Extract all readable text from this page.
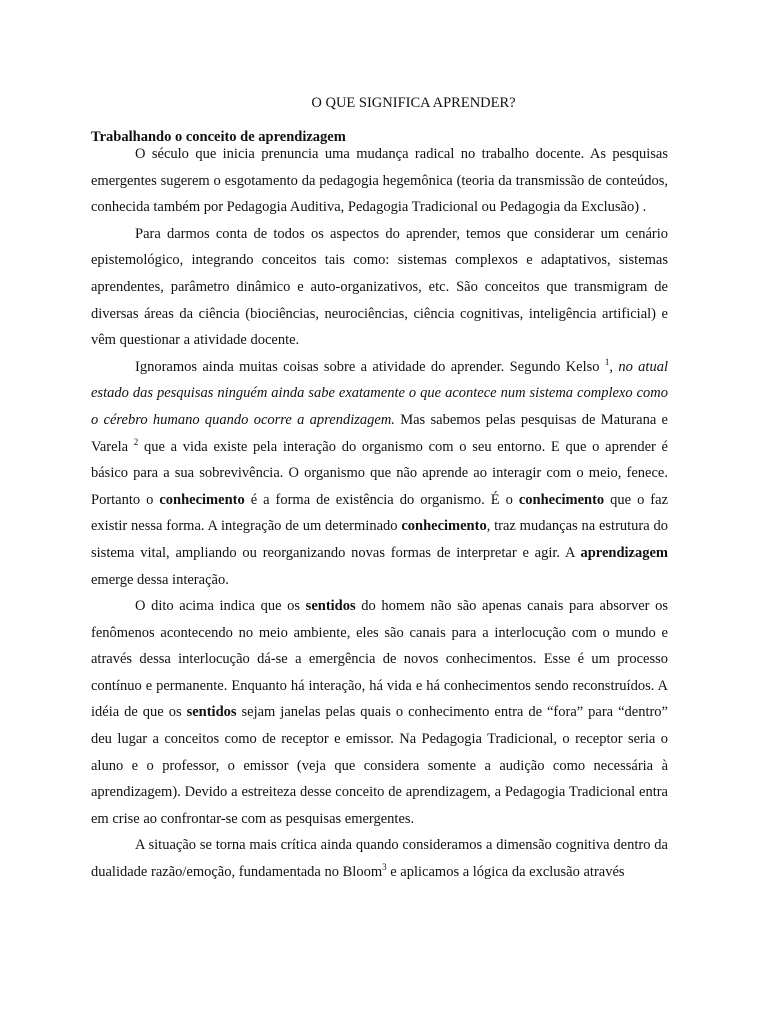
O QUE SIGNIFICA APRENDER?

Trabalhando o conceito de aprendizagem

O século que inicia prenuncia uma mudança radical no trabalho docente. As pesquisas emergentes sugerem o esgotamento da pedagogia hegemônica (teoria da transmissão de conteúdos, conhecida também por Pedagogia Auditiva, Pedagogia Tradicional ou Pedagogia da Exclusão) .

Para darmos conta de todos os aspectos do aprender, temos que considerar um cenário epistemológico, integrando conceitos tais como: sistemas complexos e adaptativos, sistemas aprendentes, parâmetro dinâmico e auto-organizativos, etc. São conceitos que transmigram de diversas áreas da ciência (biociências, neurociências, ciência cognitivas, inteligência artificial) e vêm questionar a atividade docente.

Ignoramos ainda muitas coisas sobre a atividade do aprender. Segundo Kelso $^1$, no atual estado das pesquisas ninguém ainda sabe exatamente o que acontece num sistema complexo como o cérebro humano quando ocorre a aprendizagem. Mas sabemos pelas pesquisas de Maturana e Varela $^2$ que a vida existe pela interação do organismo com o seu entorno. E que o aprender é básico para a sua sobrevivência. O organismo que não aprende ao interagir com o meio, fenece. Portanto o conhecimento é a forma de existência do organismo. É o conhecimento que o faz existir nessa forma. A integração de um determinado conhecimento, traz mudanças na estrutura do sistema vital, ampliando ou reorganizando novas formas de interpretar e agir. A aprendizagem emerge dessa interação.

O dito acima indica que os sentidos do homem não são apenas canais para absorver os fenômenos acontecendo no meio ambiente, eles são canais para a interlocução com o mundo e através dessa interlocução dá-se a emergência de novos conhecimentos. Esse é um processo contínuo e permanente. Enquanto há interação, há vida e há conhecimentos sendo reconstruídos. A idéia de que os sentidos sejam janelas pelas quais o conhecimento entra de “fora” para “dentro” deu lugar a conceitos como de receptor e emissor. Na Pedagogia Tradicional, o receptor seria o aluno e o professor, o emissor (veja que considera somente a audição como necessária à aprendizagem). Devido a estreiteza desse conceito de aprendizagem, a Pedagogia Tradicional entra em crise ao confrontar-se com as pesquisas emergentes.

A situação se torna mais crítica ainda quando consideramos a dimensão cognitiva dentro da dualidade razão/emoção, fundamentada no Bloom$^3$ e aplicamos a lógica da exclusão através
